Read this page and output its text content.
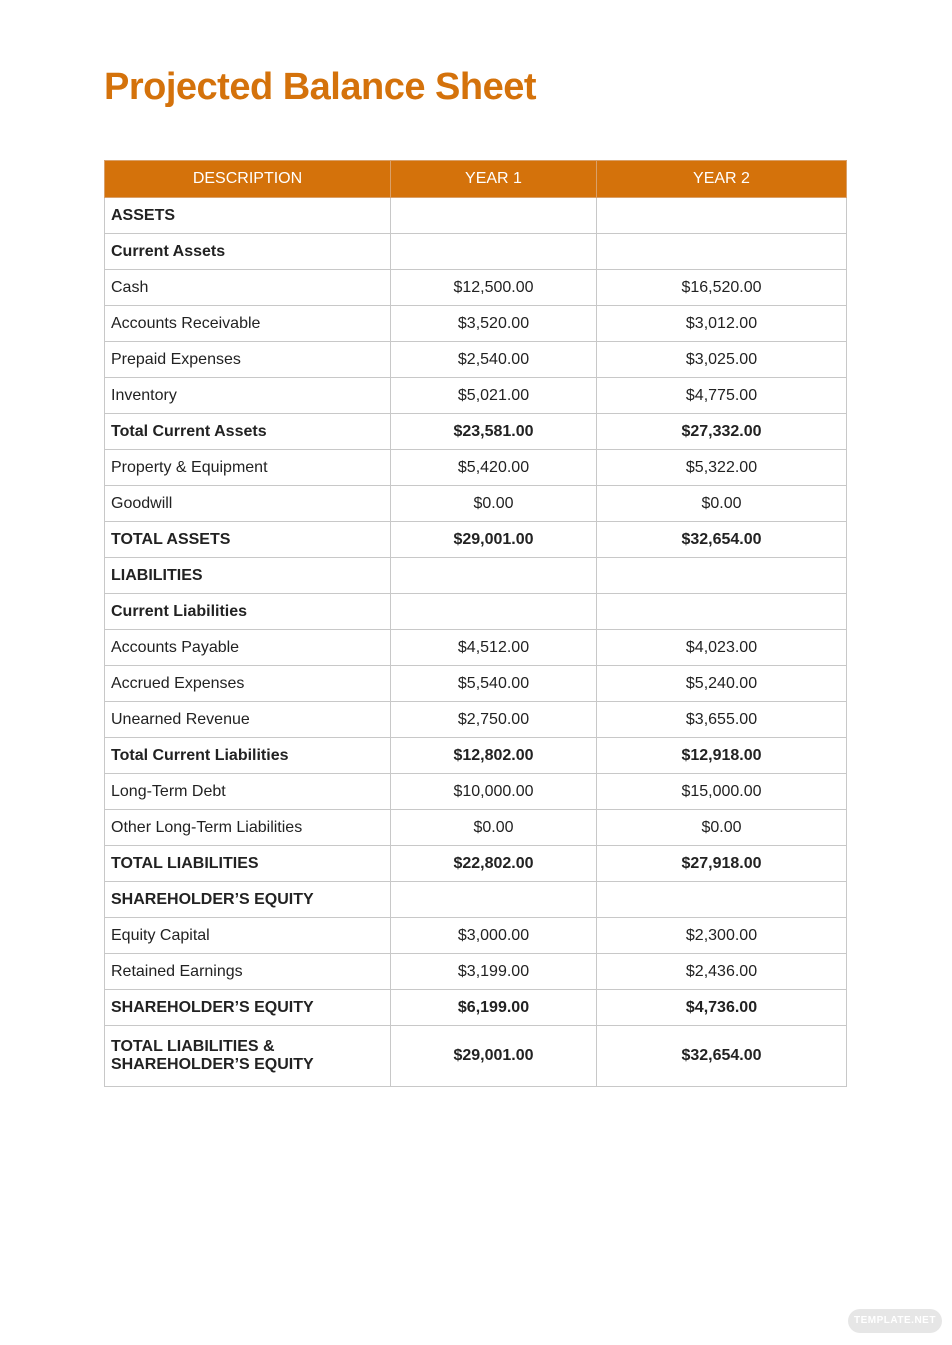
Projected Balance Sheet
DESCRIPTION	YEAR 1	YEAR 2
ASSETS		
Current Assets		
Cash	$12,500.00	$16,520.00
Accounts Receivable	$3,520.00	$3,012.00
Prepaid Expenses	$2,540.00	$3,025.00
Inventory	$5,021.00	$4,775.00
Total Current Assets	$23,581.00	$27,332.00
Property & Equipment	$5,420.00	$5,322.00
Goodwill	$0.00	$0.00
TOTAL ASSETS	$29,001.00	$32,654.00
LIABILITIES		
Current Liabilities		
Accounts Payable	$4,512.00	$4,023.00
Accrued Expenses	$5,540.00	$5,240.00
Unearned Revenue	$2,750.00	$3,655.00
Total Current Liabilities	$12,802.00	$12,918.00
Long-Term Debt	$10,000.00	$15,000.00
Other Long-Term Liabilities	$0.00	$0.00
TOTAL LIABILITIES	$22,802.00	$27,918.00
SHAREHOLDER’S EQUITY		
Equity Capital	$3,000.00	$2,300.00
Retained Earnings	$3,199.00	$2,436.00
SHAREHOLDER’S EQUITY	$6,199.00	$4,736.00
TOTAL LIABILITIES &
SHAREHOLDER’S EQUITY	$29,001.00	$32,654.00
TEMPLATE.NET
